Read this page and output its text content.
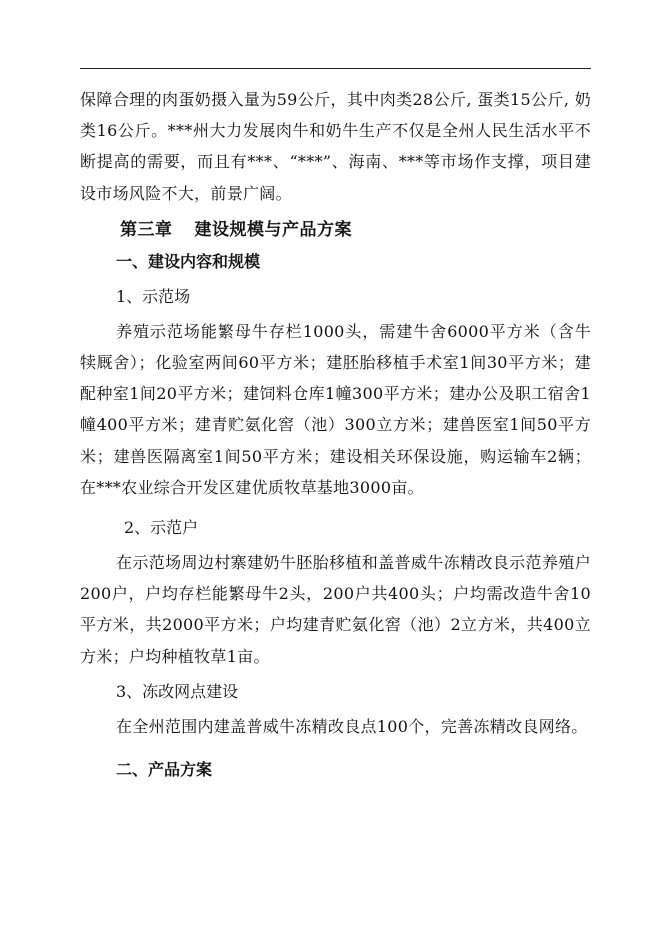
保障合理的肉蛋奶摄入量为59公斤，其中肉类28公斤, 蛋类15公斤, 奶类16公斤。***州大力发展肉牛和奶牛生产不仅是全州人民生活水平不断提高的需要，而且有***、“***”、海南、***等市场作支撑，项目建设市场风险不大，前景广阔。

第三章 建设规模与产品方案

一、建设内容和规模

1、示范场

养殖示范场能繁母牛存栏1000头，需建牛舍6000平方米（含牛犊厩舍）；化验室两间60平方米；建胚胎移植手术室1间30平方米；建配种室1间20平方米；建饲料仓库1幢300平方米；建办公及职工宿舍1幢400平方米；建青贮氨化窖（池）300立方米；建兽医室1间50平方米；建兽医隔离室1间50平方米；建设相关环保设施，购运输车2辆；在***农业综合开发区建优质牧草基地3000亩。

2、示范户

在示范场周边村寨建奶牛胚胎移植和盖普威牛冻精改良示范养殖户200户，户均存栏能繁母牛2头，200户共400头；户均需改造牛舍10平方米，共2000平方米；户均建青贮氨化窖（池）2立方米，共400立方米；户均种植牧草1亩。

3、冻改网点建设

在全州范围内建盖普威牛冻精改良点100个，完善冻精改良网络。

二、产品方案
